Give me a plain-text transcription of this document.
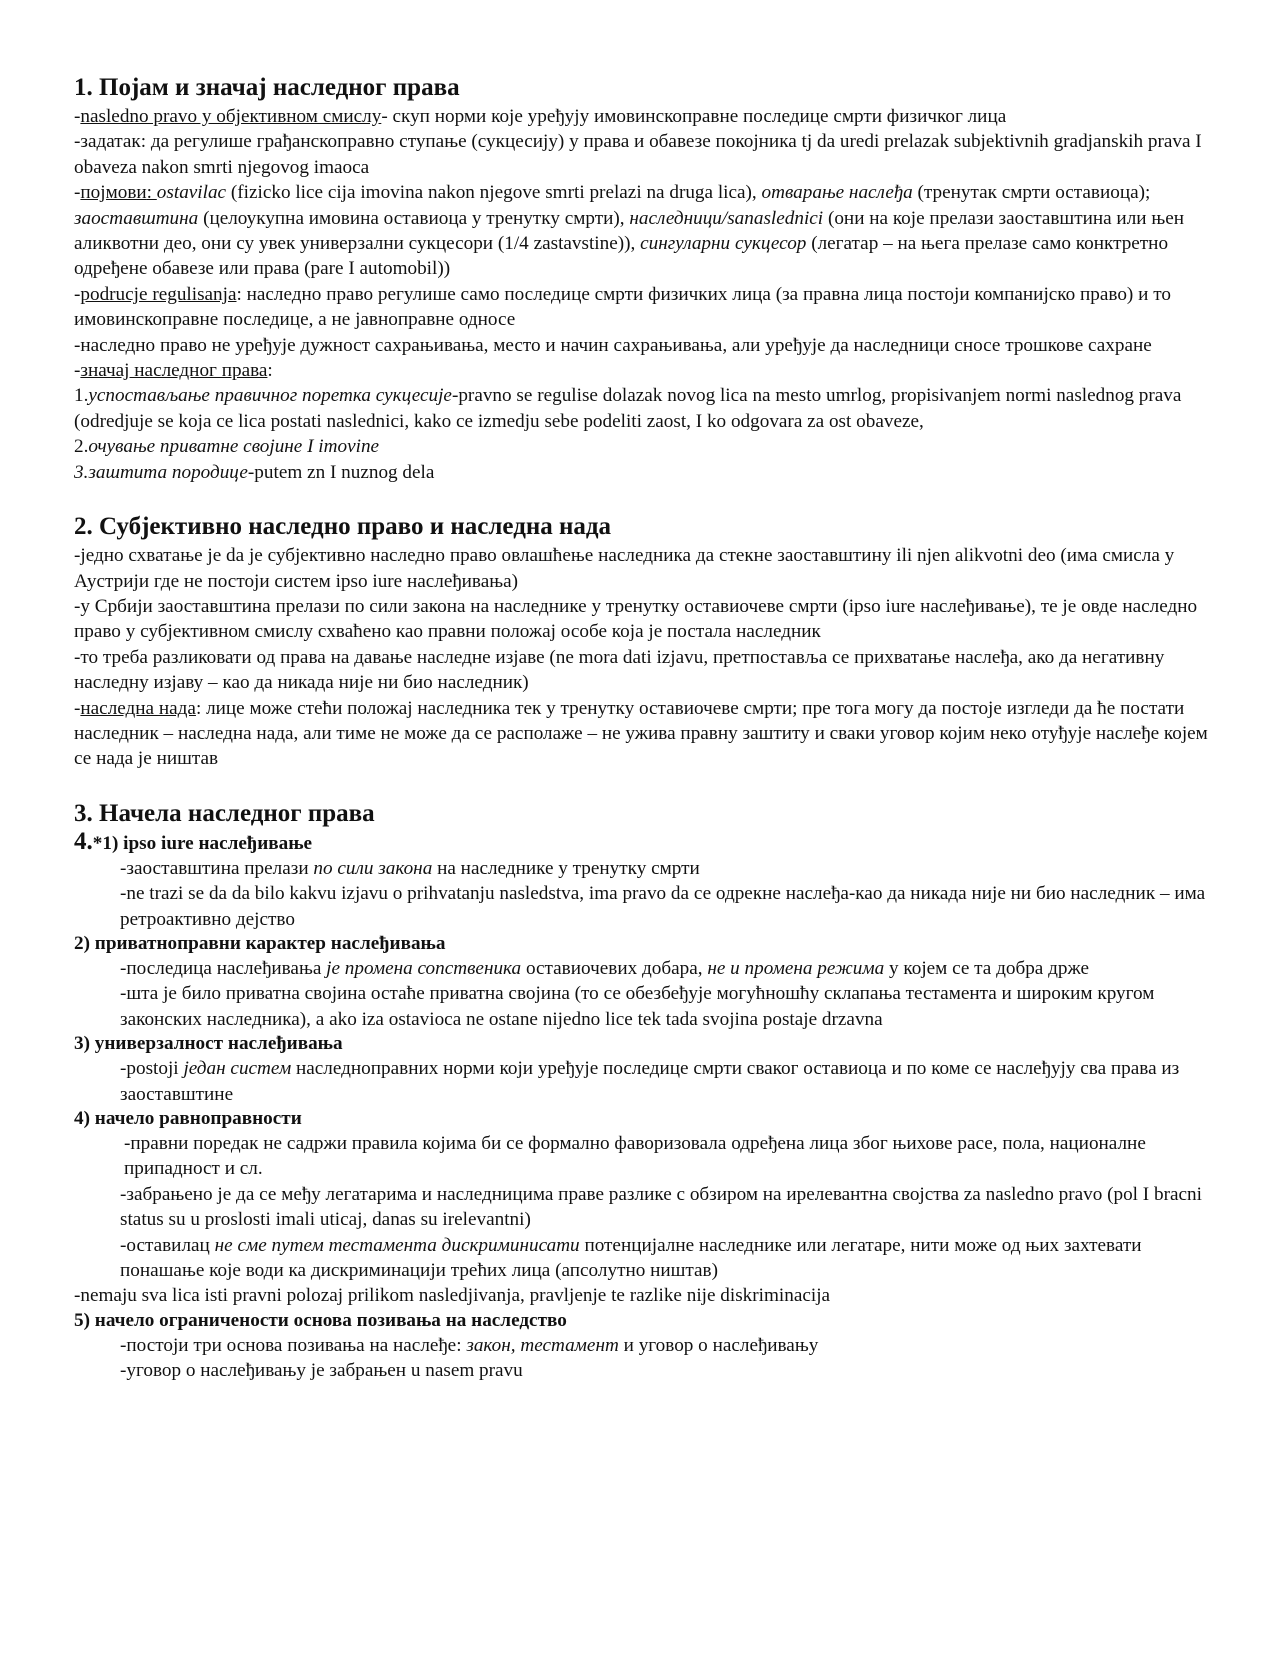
1. Појам и значај наследног права

-nasledno pravo у објективном смислу- скуп норми које уређују имовинскоправне последице смрти физичког лица

-задатак: да регулише грађанскоправно ступање (сукцесију) у права и обавезе покојника tj da uredi prelazak subjektivnih gradjanskih prava I obaveza nakon smrti njegovog imaoca

-појмови: ostavilac (fizicko lice cija imovina nakon njegove smrti prelazi na druga lica), отварање наслеђа (тренутак смрти оставиоца); заоставштина (целоукупна имовина оставиоца у тренутку смрти), наследници/sanaslednici (они на које прелази заоставштина или њен аликвотни део, они су увек универзални сукцесори (1/4 zastavstine)), сингуларни сукцесор (легатар – на њега прелазе само конктретно одређене обавезе или права (pare I automobil))

-podrucje regulisanja: наследно право регулише само последице смрти физичких лица (за правна лица постоји компанијско право) и то имовинскоправне последице, а не јавноправне односе

-наследно право не уређује дужност сахрањивања, место и начин сахрањивања, али уређује да наследници сносе трошкове сахране

-значај наследног права:

1.успостављање правичног поретка сукцесије-pravno se regulise dolazak novog lica na mesto umrlog, propisivanjem normi naslednog prava (odredjuje se koja ce lica postati naslednici, kako ce izmedju sebe podeliti zaost, I ko odgovara za ost obaveze,

2.очување приватне својине I imovine

3.заштита породице-putem zn I nuznog dela

2. Субјективно наследно право и наследна нада

-једно схватање је da je субјективно наследно право овлашћење наследника да стекне заоставштину ili njen alikvotni deo (има смисла у Аустрији где не постоји систем ipso iure наслеђивања)

-у Србији заоставштина прелази по сили закона на наследнике у тренутку оставиочеве смрти (ipso iure наслеђивање), те је овде наследно право у субјективном смислу схваћено као правни положај особе која је постала наследник

-то треба разликовати од права на давање наследне изјаве (ne mora dati izjavu, претпоставља се прихватање наслеђа, ако да негативну наследну изјаву – као да никада није ни био наследник)

-наследна нада: лице може стећи положај наследника тек у тренутку оставиочеве смрти; пре тога могу да постоје изгледи да ће постати наследник – наследна нада, али тиме не може да се располаже – не ужива правну заштиту и сваки уговор којим неко отуђује наслеђе којем се нада је ништав

3. Начела наследног права

4.*1) ipso iure наслеђивање

-заоставштина прелази по сили закона на наследнике у тренутку смрти

-ne trazi se da da bilo kakvu izjavu o prihvatanju nasledstva, ima pravo da се одрекне наслеђа-као да никада није ни био наследник – има ретроактивно дејство

2) приватноправни карактер наслеђивања

-последица наслеђивања је промена сопственика оставиочевих добара, не и промена режима у којем се та добра држе

-шта је било приватна својина остаће приватна својина (то се обезбеђује могућношћу склапања тестамента и широким кругом законских наследника), а ako iza ostavioca ne ostane nijedno lice tek tada svojina postaje drzavna

3) универзалност наслеђивања

-postoji један систем наследноправних норми који уређује последице смрти сваког оставиоца и по коме се наслеђују сва права из заоставштине

4) начело равноправности

-правни поредак не садржи правила којима би се формално фаворизовала одређена лица због њихове расе, пола, националне припадност и сл.

-забрањено је да се међу легатарима и наследницима праве разлике с обзиром на ирелевантна својства za nasledno pravo (pol I bracni status su u proslosti imali uticaj, danas su irelevantni)

-оставилац не сме путем тестамента дискриминисати потенцијалне наследнике или легатаре, нити може од њих захтевати понашање које води ка дискриминацији трећих лица (апсолутно ништав)

-nemaju sva lica isti pravni polozaj prilikom nasledjivanja, pravljenje te razlike nije diskriminacija

5) начело ограничености основа позивања на наследство

-постоји три основа позивања на наслеђе: закон, тестамент и уговор о наслеђивању

-уговор о наслеђивању је забрањен u nasem pravu
